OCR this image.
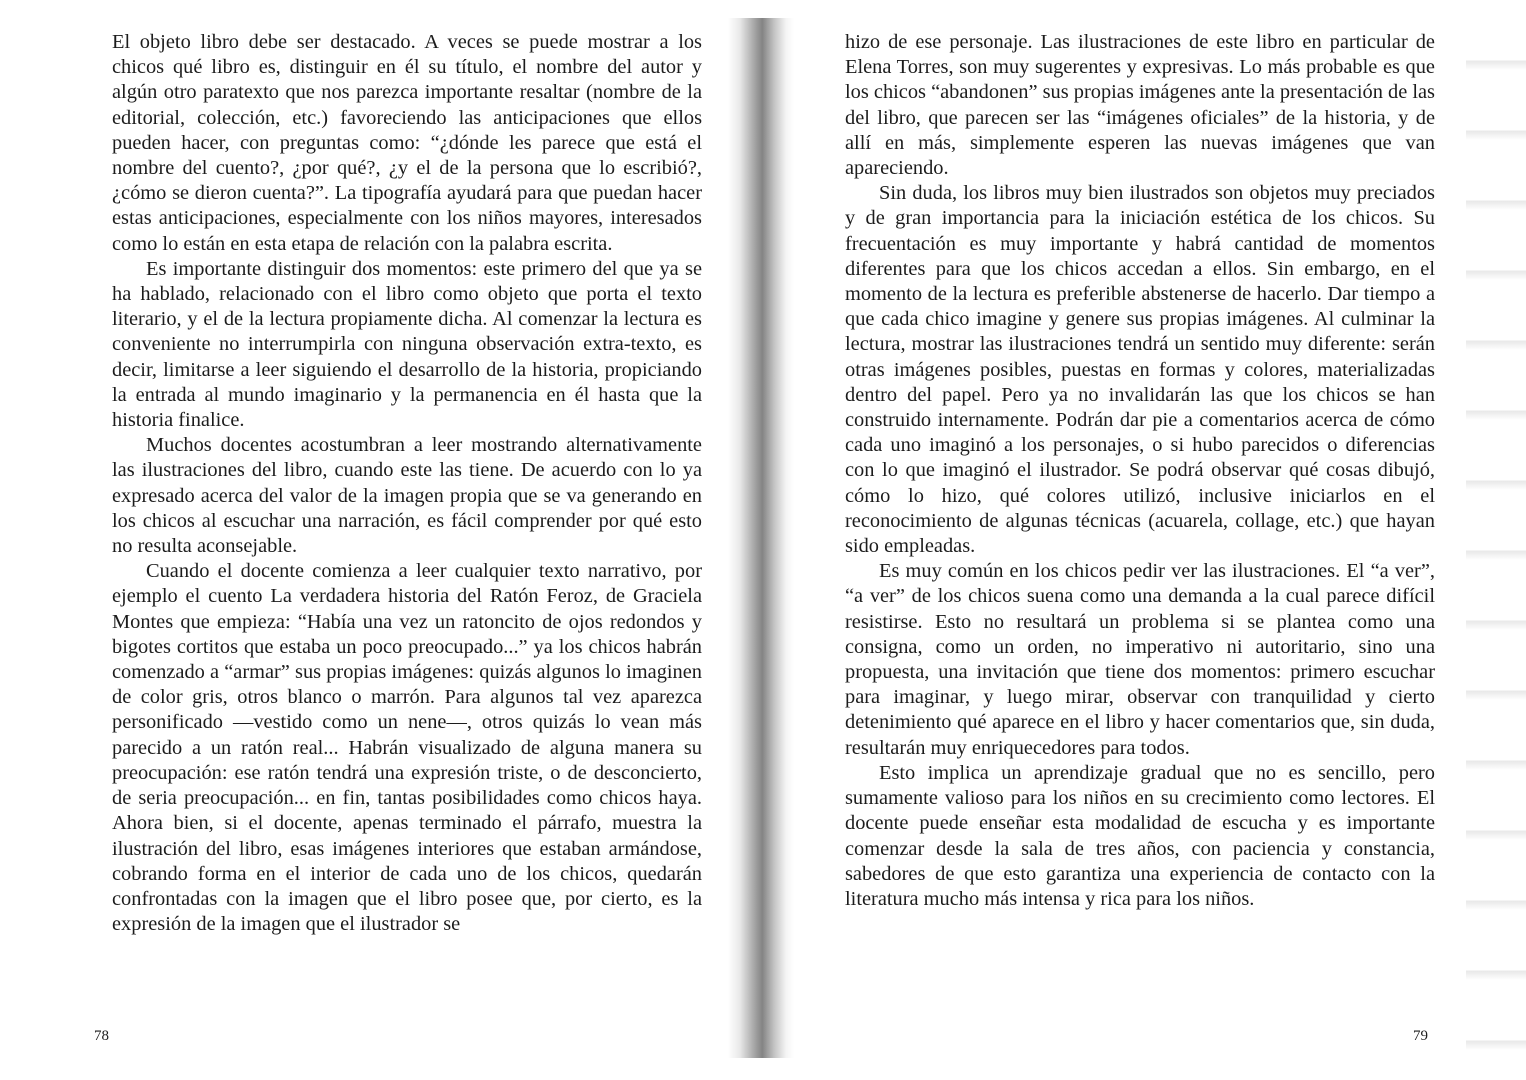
El objeto libro debe ser destacado. A veces se puede mostrar a los chicos qué libro es, distinguir en él su título, el nombre del autor y algún otro paratexto que nos parezca importante resaltar (nombre de la editorial, colección, etc.) favoreciendo las anticipaciones que ellos pueden hacer, con preguntas como: “¿dónde les parece que está el nombre del cuento?, ¿por qué?, ¿y el de la persona que lo escribió?, ¿cómo se dieron cuenta?”. La tipografía ayudará para que puedan hacer estas anticipaciones, especialmente con los niños mayores, interesados como lo están en esta etapa de relación con la palabra escrita.

Es importante distinguir dos momentos: este primero del que ya se ha hablado, relacionado con el libro como objeto que porta el texto literario, y el de la lectura propiamente dicha. Al comenzar la lectura es conveniente no interrumpirla con ninguna observación extra-texto, es decir, limitarse a leer siguiendo el desarrollo de la historia, propiciando la entrada al mundo imaginario y la permanencia en él hasta que la historia finalice.

Muchos docentes acostumbran a leer mostrando alternativamente las ilustraciones del libro, cuando este las tiene. De acuerdo con lo ya expresado acerca del valor de la imagen propia que se va generando en los chicos al escuchar una narración, es fácil comprender por qué esto no resulta aconsejable.

Cuando el docente comienza a leer cualquier texto narrativo, por ejemplo el cuento La verdadera historia del Ratón Feroz, de Graciela Montes que empieza: “Había una vez un ratoncito de ojos redondos y bigotes cortitos que estaba un poco preocupado...” ya los chicos habrán comenzado a “armar” sus propias imágenes: quizás algunos lo imaginen de color gris, otros blanco o marrón. Para algunos tal vez aparezca personificado —vestido como un nene—, otros quizás lo vean más parecido a un ratón real... Habrán visualizado de alguna manera su preocupación: ese ratón tendrá una expresión triste, o de desconcierto, de seria preocupación... en fin, tantas posibilidades como chicos haya. Ahora bien, si el docente, apenas terminado el párrafo, muestra la ilustración del libro, esas imágenes interiores que estaban armándose, cobrando forma en el interior de cada uno de los chicos, quedarán confrontadas con la imagen que el libro posee que, por cierto, es la expresión de la imagen que el ilustrador se

hizo de ese personaje. Las ilustraciones de este libro en particular de Elena Torres, son muy sugerentes y expresivas. Lo más probable es que los chicos “abandonen” sus propias imágenes ante la presentación de las del libro, que parecen ser las “imágenes oficiales” de la historia, y de allí en más, simplemente esperen las nuevas imágenes que van apareciendo.

Sin duda, los libros muy bien ilustrados son objetos muy preciados y de gran importancia para la iniciación estética de los chicos. Su frecuentación es muy importante y habrá cantidad de momentos diferentes para que los chicos accedan a ellos. Sin embargo, en el momento de la lectura es preferible abstenerse de hacerlo. Dar tiempo a que cada chico imagine y genere sus propias imágenes. Al culminar la lectura, mostrar las ilustraciones tendrá un sentido muy diferente: serán otras imágenes posibles, puestas en formas y colores, materializadas dentro del papel. Pero ya no invalidarán las que los chicos se han construido internamente. Podrán dar pie a comentarios acerca de cómo cada uno imaginó a los personajes, o si hubo parecidos o diferencias con lo que imaginó el ilustrador. Se podrá observar qué cosas dibujó, cómo lo hizo, qué colores utilizó, inclusive iniciarlos en el reconocimiento de algunas técnicas (acuarela, collage, etc.) que hayan sido empleadas.

Es muy común en los chicos pedir ver las ilustraciones. El “a ver”, “a ver” de los chicos suena como una demanda a la cual parece difícil resistirse. Esto no resultará un problema si se plantea como una consigna, como un orden, no imperativo ni autoritario, sino una propuesta, una invitación que tiene dos momentos: primero escuchar para imaginar, y luego mirar, observar con tranquilidad y cierto detenimiento qué aparece en el libro y hacer comentarios que, sin duda, resultarán muy enriquecedores para todos.

Esto implica un aprendizaje gradual que no es sencillo, pero sumamente valioso para los niños en su crecimiento como lectores. El docente puede enseñar esta modalidad de escucha y es importante comenzar desde la sala de tres años, con paciencia y constancia, sabedores de que esto garantiza una experiencia de contacto con la literatura mucho más intensa y rica para los niños.

78	79
